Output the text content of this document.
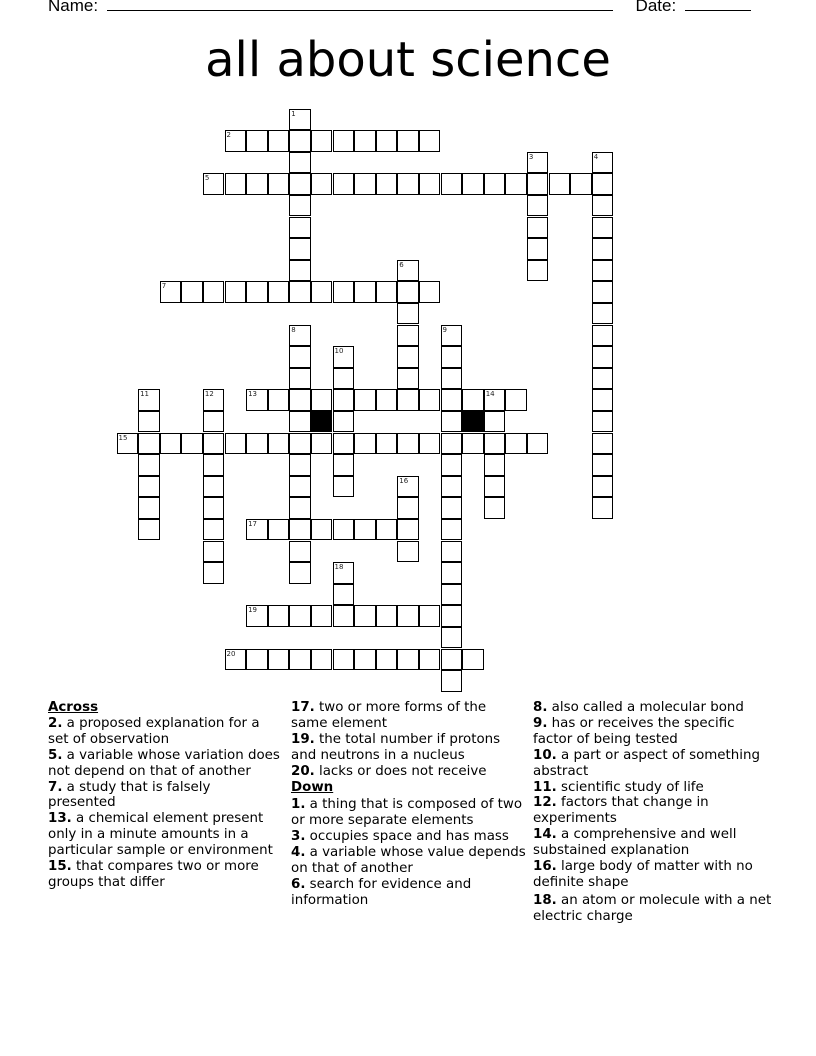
Name:	Date:
all about science
1
2
3	4
5
6
7
8	9
10
11	12	13	14
15
16
17
18
19
20
Across
2. a proposed explanation for a set of observation
5. a variable whose variation does not depend on that of another
7. a study that is falsely presented
13. a chemical element present only in a minute amounts in a particular sample or environment
15. that compares two or more groups that differ
17. two or more forms of the same element
19. the total number if protons and neutrons in a nucleus
20. lacks or does not receive
Down
1. a thing that is composed of two or more separate elements
3. occupies space and has mass
4. a variable whose value depends on that of another
6. search for evidence and information
8. also called a molecular bond
9. has or receives the specific factor of being tested
10. a part or aspect of something abstract
11. scientific study of life
12. factors that change in experiments
14. a comprehensive and well substained explanation
16. large body of matter with no definite shape
18. an atom or molecule with a net electric charge
